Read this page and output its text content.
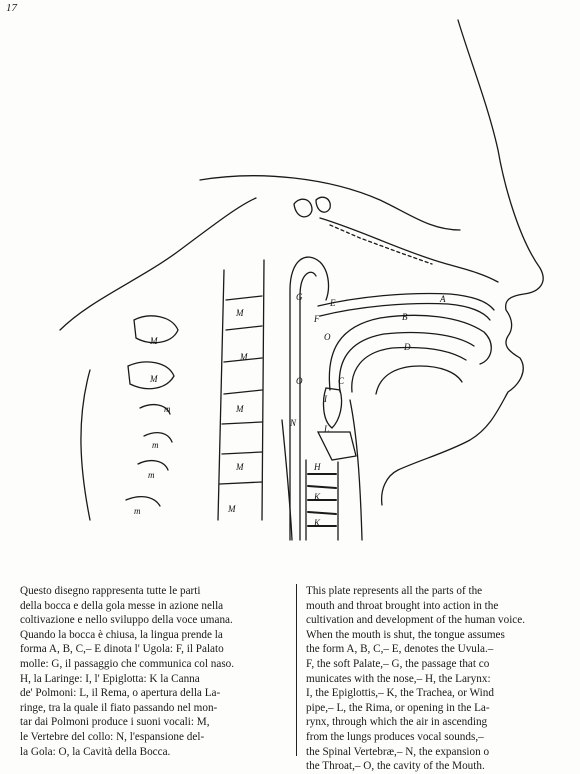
17
G
E
F
O
O
A
B
D
C
I
N
L
H
K
K
M
M
M
M
M
M
M
m
m
m
m

Questo disegno rappresenta tutte le parti

della bocca e della gola messe in azione nella

coltivazione e nello sviluppo della voce umana.

Quando la bocca è chiusa, la lingua prende la

forma A, B, C,– E dinota l' Ugola: F, il Palato

molle: G, il passaggio che communica col naso.

H, la Laringe: I, l' Epiglotta: K la Canna

de' Polmoni: L, il Rema, o apertura della La-

ringe, tra la quale il fiato passando nel mon-

tar dai Polmoni produce i suoni vocali: M,

le Vertebre del collo: N, l'espansione del-

la Gola: O, la Cavità della Bocca.

This plate represents all the parts of the

mouth and throat brought into action in the

cultivation and development of the human voice.

When the mouth is shut, the tongue assumes

the form A, B, C,– E, denotes the Uvula.–

F, the soft Palate,– G, the passage that co

municates with the nose,– H, the Larynx:

I, the Epiglottis,– K, the Trachea, or Wind

pipe,– L, the Rima, or opening in the La-

rynx, through which the air in ascending

from the lungs produces vocal sounds,–

the Spinal Vertebræ,– N, the expansion o

the Throat,– O, the cavity of the Mouth.
